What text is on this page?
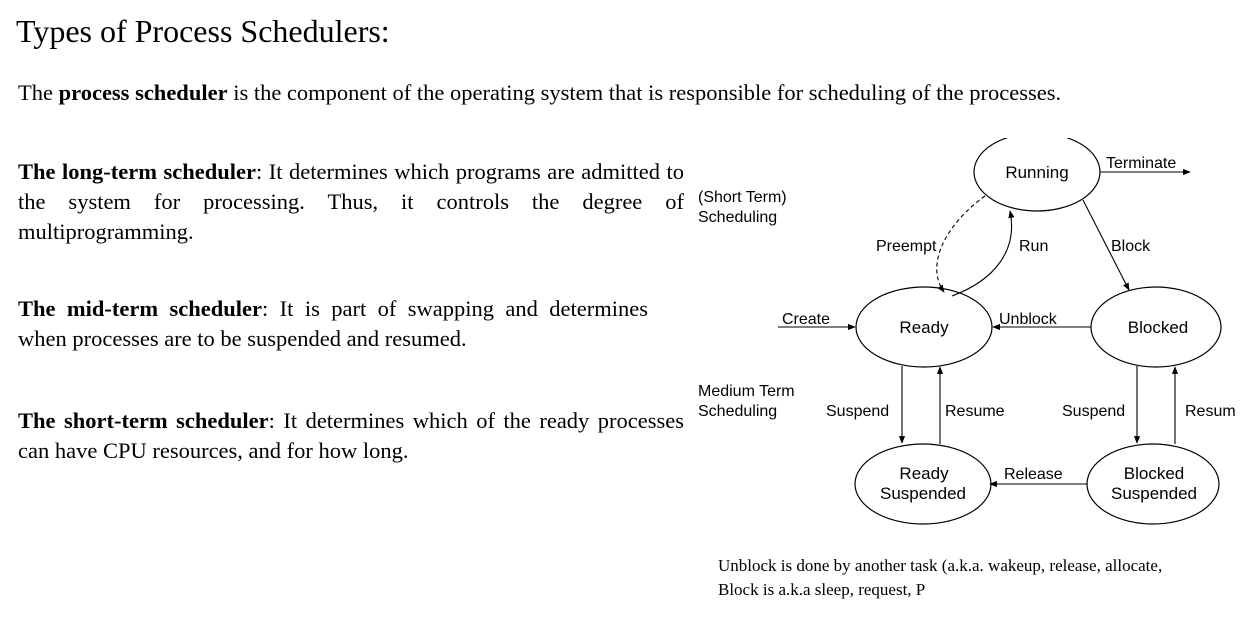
Types of Process Schedulers:

The process scheduler is the component of the operating system that is responsible for scheduling of the processes.

The long-term scheduler: It determines which programs are admitted to the system for processing. Thus, it controls the degree of multiprogramming.

The mid-term scheduler: It is part of swapping and determines when processes are to be suspended and resumed.

The short-term scheduler: It determines which of the ready processes can have CPU resources, and for how long.

Running
Ready	Blocked
Ready
Suspended
Blocked
Suspended
Terminate
Preempt	Run	Block
Create	Unblock
Suspend	Resume	Suspend	Resum
Release
(Short Term)
Scheduling
Medium Term
Scheduling
Unblock is done by another task (a.k.a. wakeup, release, allocate,
Block is a.k.a sleep, request, P
